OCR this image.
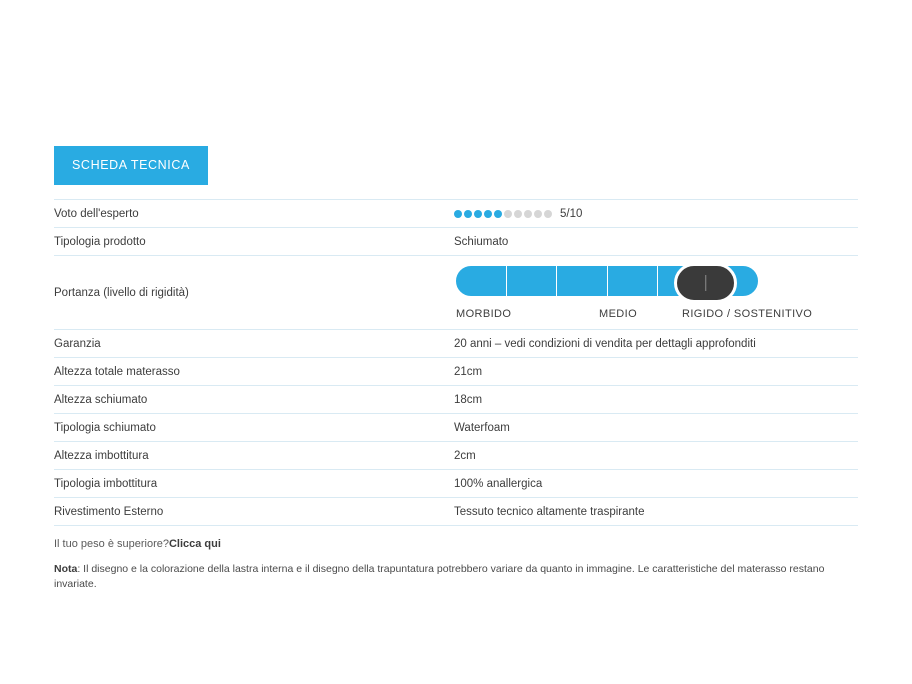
SCHEDA TECNICA
Voto dell'esperto	5/10

Tipologia prodotto	Schiumato
Portanza (livello di rigidità)	MORBIDO MEDIO RIGIDO / SOSTENITIVO

Garanzia	20 anni – vedi condizioni di vendita per dettagli approfonditi
Altezza totale materasso	21cm
Altezza schiumato	18cm
Tipologia schiumato	Waterfoam
Altezza imbottitura	2cm
Tipologia imbottitura	100% anallergica
Rivestimento Esterno	Tessuto tecnico altamente traspirante
Il tuo peso è superiore?Clicca qui
Nota: Il disegno e la colorazione della lastra interna e il disegno della trapuntatura potrebbero variare da quanto in immagine. Le caratteristiche del materasso restano invariate.
